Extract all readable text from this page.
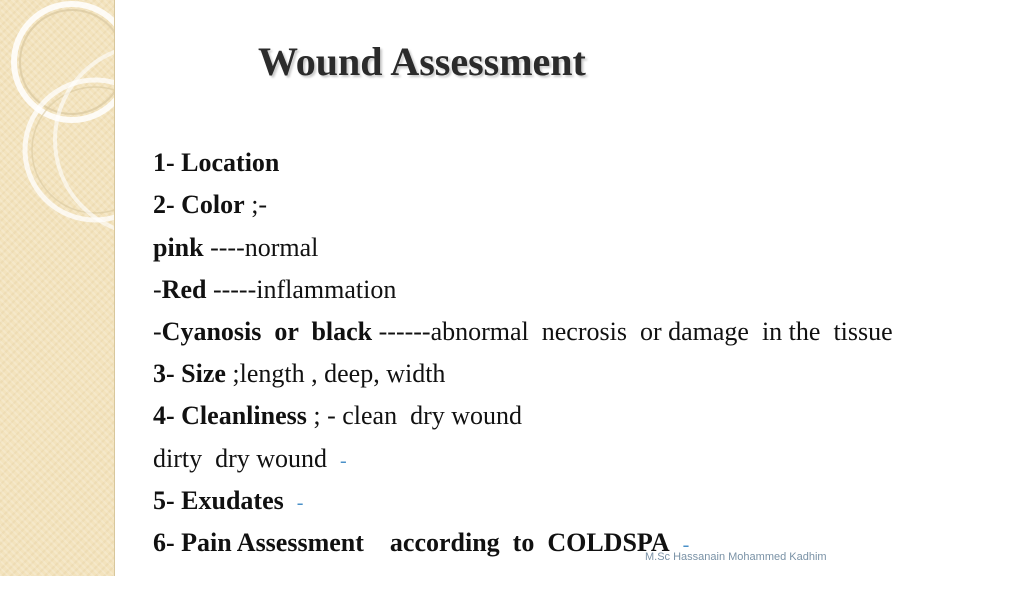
Wound Assessment

1- Location

2- Color ;-

pink ----normal

-Red -----inflammation

-Cyanosis  or  black ------abnormal  necrosis  or damage  in the  tissue

3- Size ;length , deep, width

4- Cleanliness ; - clean  dry wound

dirty  dry wound -

5- Exudates -

6- Pain Assessment according  to  COLDSPA -

M.Sc Hassanain Mohammed Kadhim
